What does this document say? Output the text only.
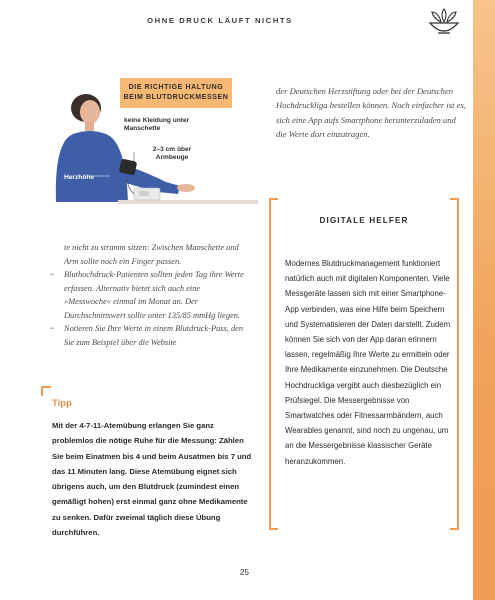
OHNE DRUCK LÄUFT NICHTS
DIE RICHTIGE HALTUNG BEIM BLUTDRUCKMESSEN
keine Kleidung unter Manschette
2–3 cm über Armbeuge
Herzhöhe
der Deutschen Herzstiftung oder bei der Deutschen Hochdruckliga bestellen können. Noch einfacher ist es, sich eine App aufs Smartphone herunterzuladen und die Werte dort einzutragen.

te nicht zu stramm sitzen: Zwischen Manschette und Arm sollte noch ein Finger passen.

~ Bluthochdruck-Patienten sollten jeden Tag ihre Werte erfassen. Alternativ bietet sich auch eine »Messwoche« einmal im Monat an. Der Durchschnittswert sollte unter 135/85 mmHg liegen.

~ Notieren Sie Ihre Werte in einem Blutdruck-Pass, den Sie zum Beispiel über die Website

Tipp
Mit der 4-7-11-Atemübung erlangen Sie ganz problemlos die nötige Ruhe für die Messung: Zählen Sie beim Einatmen bis 4 und beim Ausatmen bis 7 und das 11 Minuten lang. Diese Atemübung eignet sich übrigens auch, um den Blutdruck (zumindest einen gemäßigt hohen) erst einmal ganz ohne Medikamente zu senken. Dafür zweimal täglich diese Übung durchführen.
DIGITALE HELFER
Modernes Blutdruckmanagement funktioniert natürlich auch mit digitalen Komponenten. Viele Messgeräte lassen sich mit einer Smartphone-App verbinden, was eine Hilfe beim Speichern und Systematisieren der Daten darstellt. Zudem können Sie sich von der App daran erinnern lassen, regelmäßig Ihre Werte zu ermitteln oder Ihre Medikamente einzunehmen. Die Deutsche Hochdruckliga vergibt auch diesbezüglich ein Prüfsiegel. Die Messergebnisse von Smartwatches oder Fitnessarmbändern, auch Wearables genannt, sind noch zu ungenau, um an die Messergebnisse klassischer Geräte heranzukommen.
25
